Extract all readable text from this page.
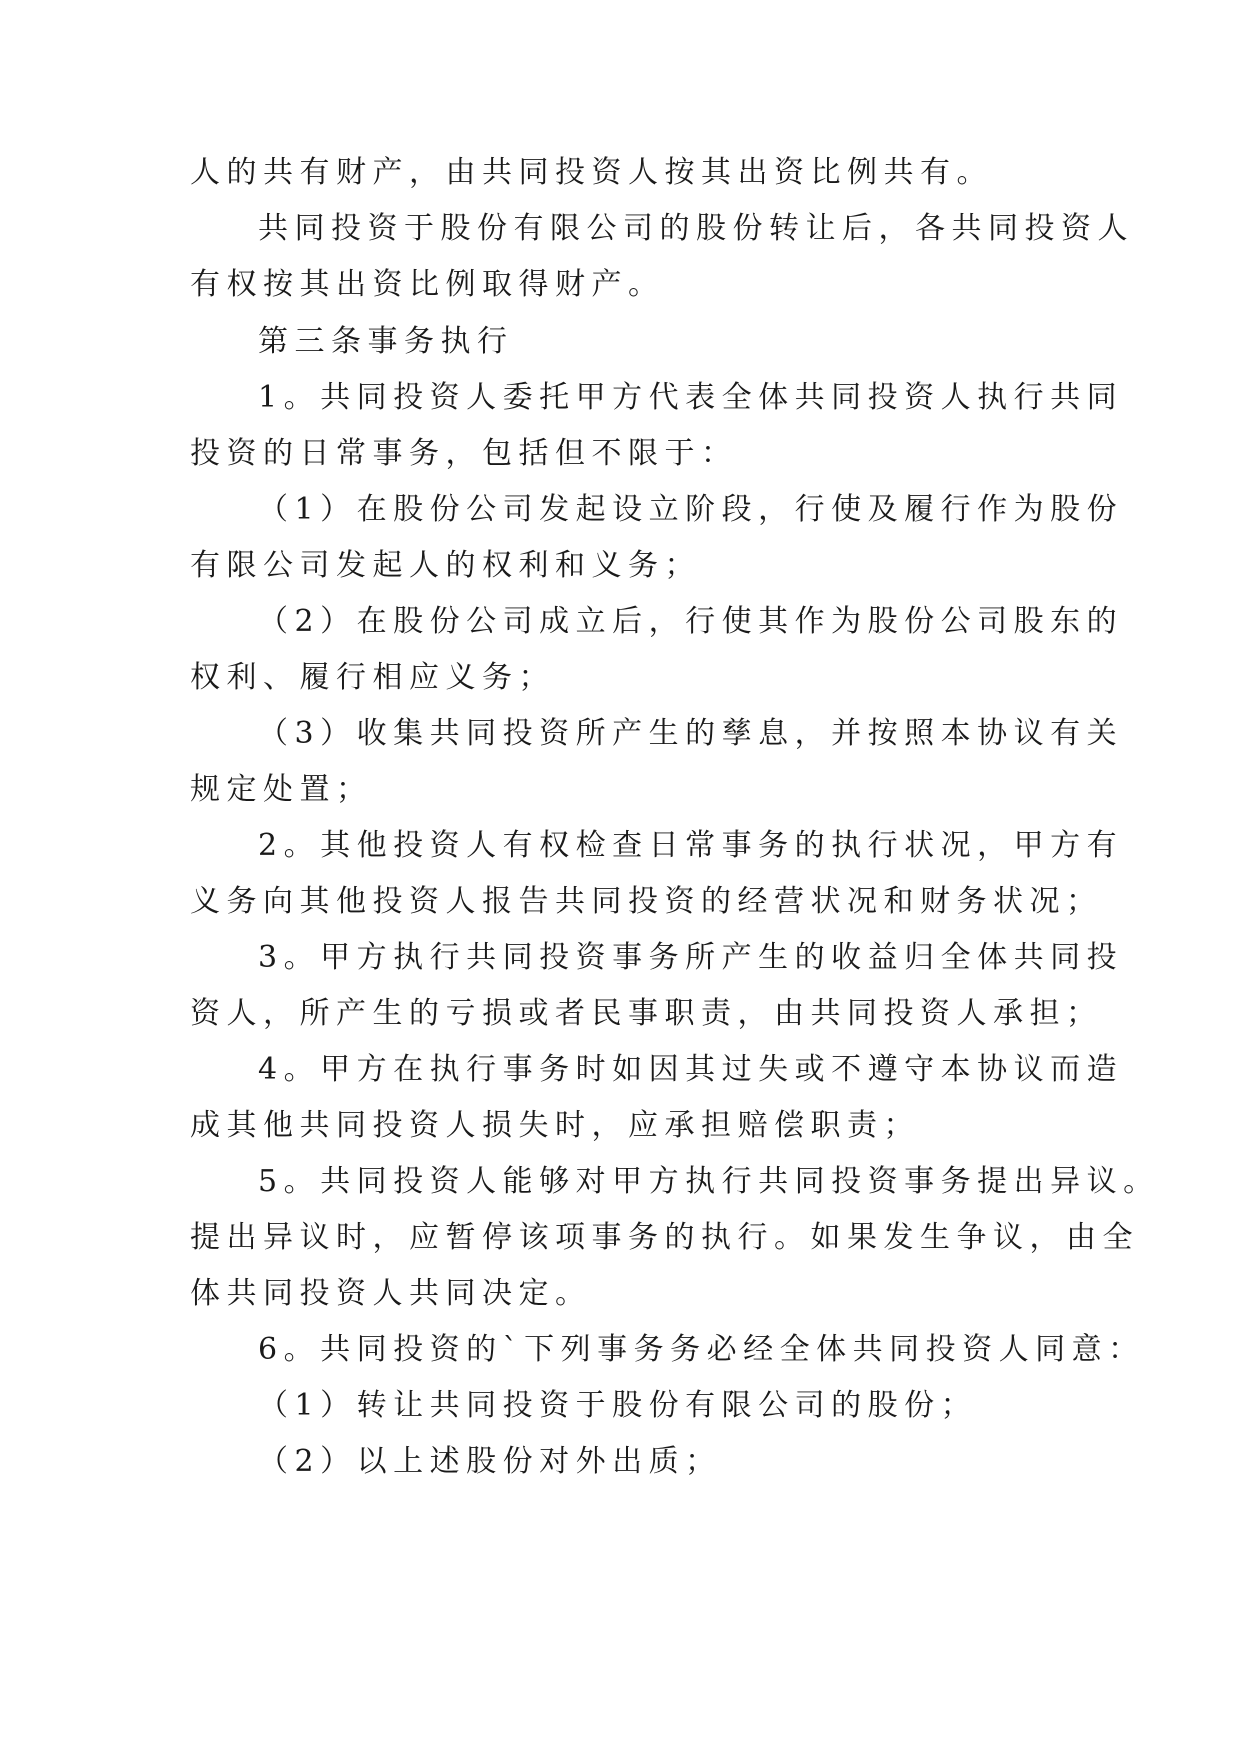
人的共有财产，由共同投资人按其出资比例共有。
共同投资于股份有限公司的股份转让后，各共同投资人
有权按其出资比例取得财产。
第三条事务执行
1。共同投资人委托甲方代表全体共同投资人执行共同
投资的日常事务，包括但不限于：
（1）在股份公司发起设立阶段，行使及履行作为股份
有限公司发起人的权利和义务；
（2）在股份公司成立后，行使其作为股份公司股东的
权利、履行相应义务；
（3）收集共同投资所产生的孳息，并按照本协议有关
规定处置；
2。其他投资人有权检查日常事务的执行状况，甲方有
义务向其他投资人报告共同投资的经营状况和财务状况；
3。甲方执行共同投资事务所产生的收益归全体共同投
资人，所产生的亏损或者民事职责，由共同投资人承担；
4。甲方在执行事务时如因其过失或不遵守本协议而造
成其他共同投资人损失时，应承担赔偿职责；
5。共同投资人能够对甲方执行共同投资事务提出异议。
提出异议时，应暂停该项事务的执行。如果发生争议，由全
体共同投资人共同决定。
6。共同投资的`下列事务务必经全体共同投资人同意：
（1）转让共同投资于股份有限公司的股份；
（2）以上述股份对外出质；
